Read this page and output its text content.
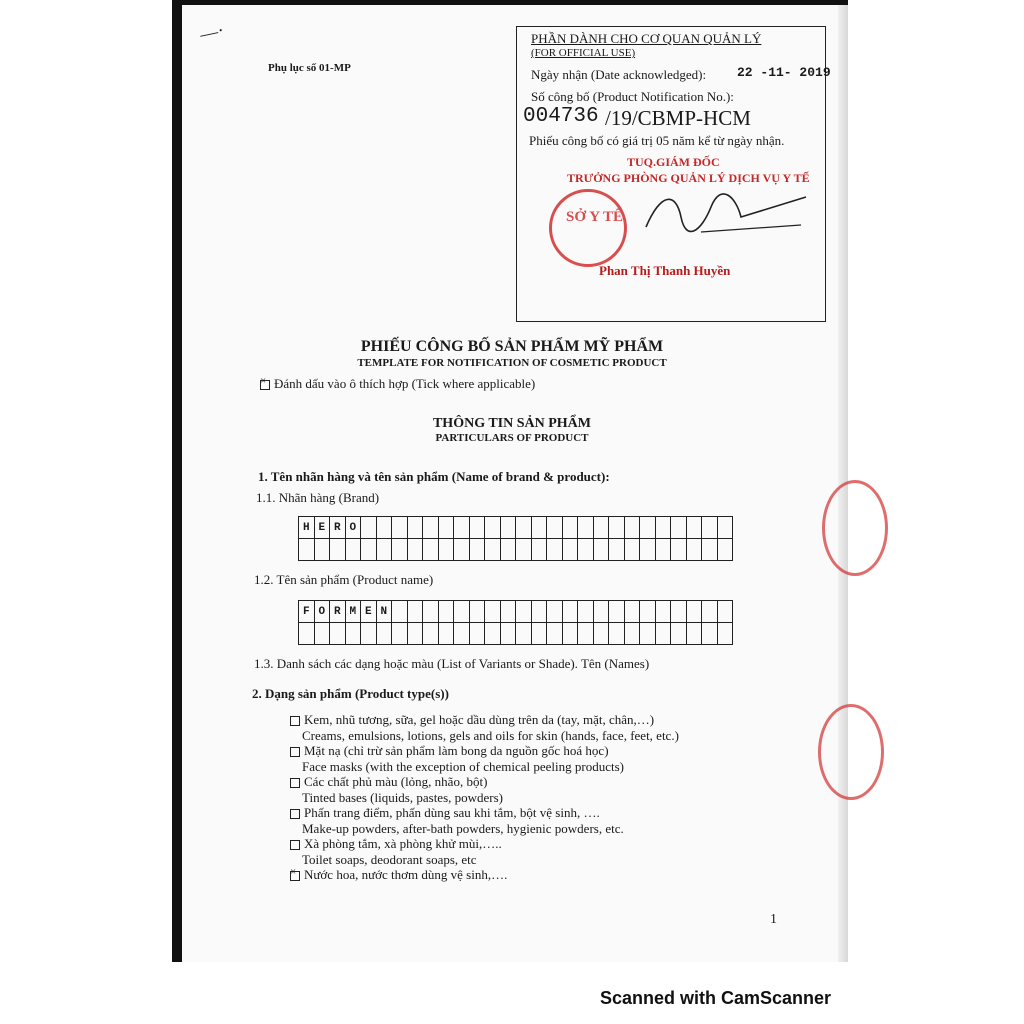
—·
Phụ lục số 01-MP
PHẦN DÀNH CHO CƠ QUAN QUẢN LÝ
(FOR OFFICIAL USE)
Ngày nhận (Date acknowledged): 22 -11- 2019
Số công bố (Product Notification No.):
004736 /19/CBMP-HCM
Phiếu công bố có giá trị 05 năm kể từ ngày nhận.
TUQ.GIÁM ĐỐC
TRƯỞNG PHÒNG QUẢN LÝ DỊCH VỤ Y TẾ
SỞ Y TẾ
Phan Thị Thanh Huyền
PHIẾU CÔNG BỐ SẢN PHẨM MỸ PHẨM
TEMPLATE FOR NOTIFICATION OF COSMETIC PRODUCT
×Đánh dấu vào ô thích hợp (Tick where applicable)
THÔNG TIN SẢN PHẨM
PARTICULARS OF PRODUCT
1. Tên nhãn hàng và tên sản phẩm (Name of brand & product):
1.1. Nhãn hàng (Brand)
H E R O
1.2. Tên sản phẩm (Product name)
F O R M E N
1.3. Danh sách các dạng hoặc màu (List of Variants or Shade). Tên (Names)
2. Dạng sản phẩm (Product type(s))
Kem, nhũ tương, sữa, gel hoặc dầu dùng trên da (tay, mặt, chân,…)
Creams, emulsions, lotions, gels and oils for skin (hands, face, feet, etc.)
Mặt nạ (chỉ trừ sản phẩm làm bong da nguồn gốc hoá học)
Face masks (with the exception of chemical peeling products)
Các chất phủ màu (lỏng, nhão, bột)
Tinted bases (liquids, pastes, powders)
Phấn trang điểm, phấn dùng sau khi tắm, bột vệ sinh, ….
Make-up powders, after-bath powders, hygienic powders, etc.
Xà phòng tắm, xà phòng khử mùi,…..
Toilet soaps, deodorant soaps, etc
×Nước hoa, nước thơm dùng vệ sinh,….
1
Scanned with CamScanner
